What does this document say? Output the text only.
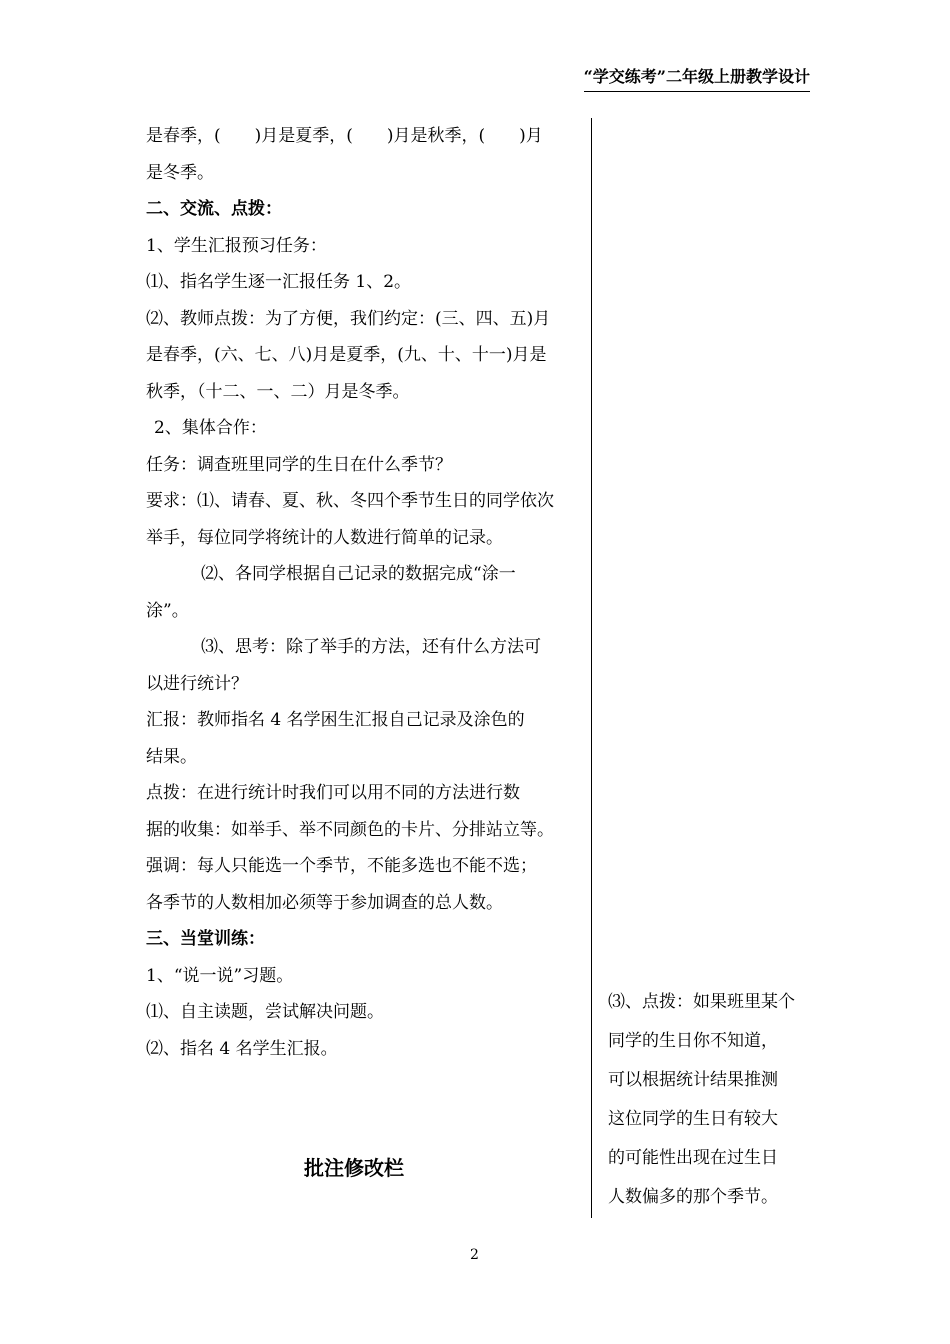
“学交练考”二年级上册教学设计

是春季，(　　)月是夏季，(　　)月是秋季，(　　)月

是冬季。

二、交流、点拨：

1、学生汇报预习任务：

⑴、指名学生逐一汇报任务 1、2。

⑵、教师点拨：为了方便，我们约定：(三、四、五)月

是春季，(六、七、八)月是夏季，(九、十、十一)月是

秋季，（十二、一、二）月是冬季。

2、集体合作：

任务：调查班里同学的生日在什么季节？

要求：⑴、请春、夏、秋、冬四个季节生日的同学依次

举手，每位同学将统计的人数进行简单的记录。

⑵、各同学根据自己记录的数据完成“涂一

涂”。

⑶、思考：除了举手的方法，还有什么方法可

以进行统计？

汇报：教师指名 4 名学困生汇报自己记录及涂色的

结果。

点拨：在进行统计时我们可以用不同的方法进行数

据的收集：如举手、举不同颜色的卡片、分排站立等。

强调：每人只能选一个季节，不能多选也不能不选；

各季节的人数相加必须等于参加调查的总人数。

三、当堂训练：

1、“说一说”习题。

⑴、自主读题，尝试解决问题。

⑵、指名 4 名学生汇报。

⑶、点拨：如果班里某个

同学的生日你不知道，

可以根据统计结果推测

这位同学的生日有较大

的可能性出现在过生日

人数偏多的那个季节。

批注修改栏
2
